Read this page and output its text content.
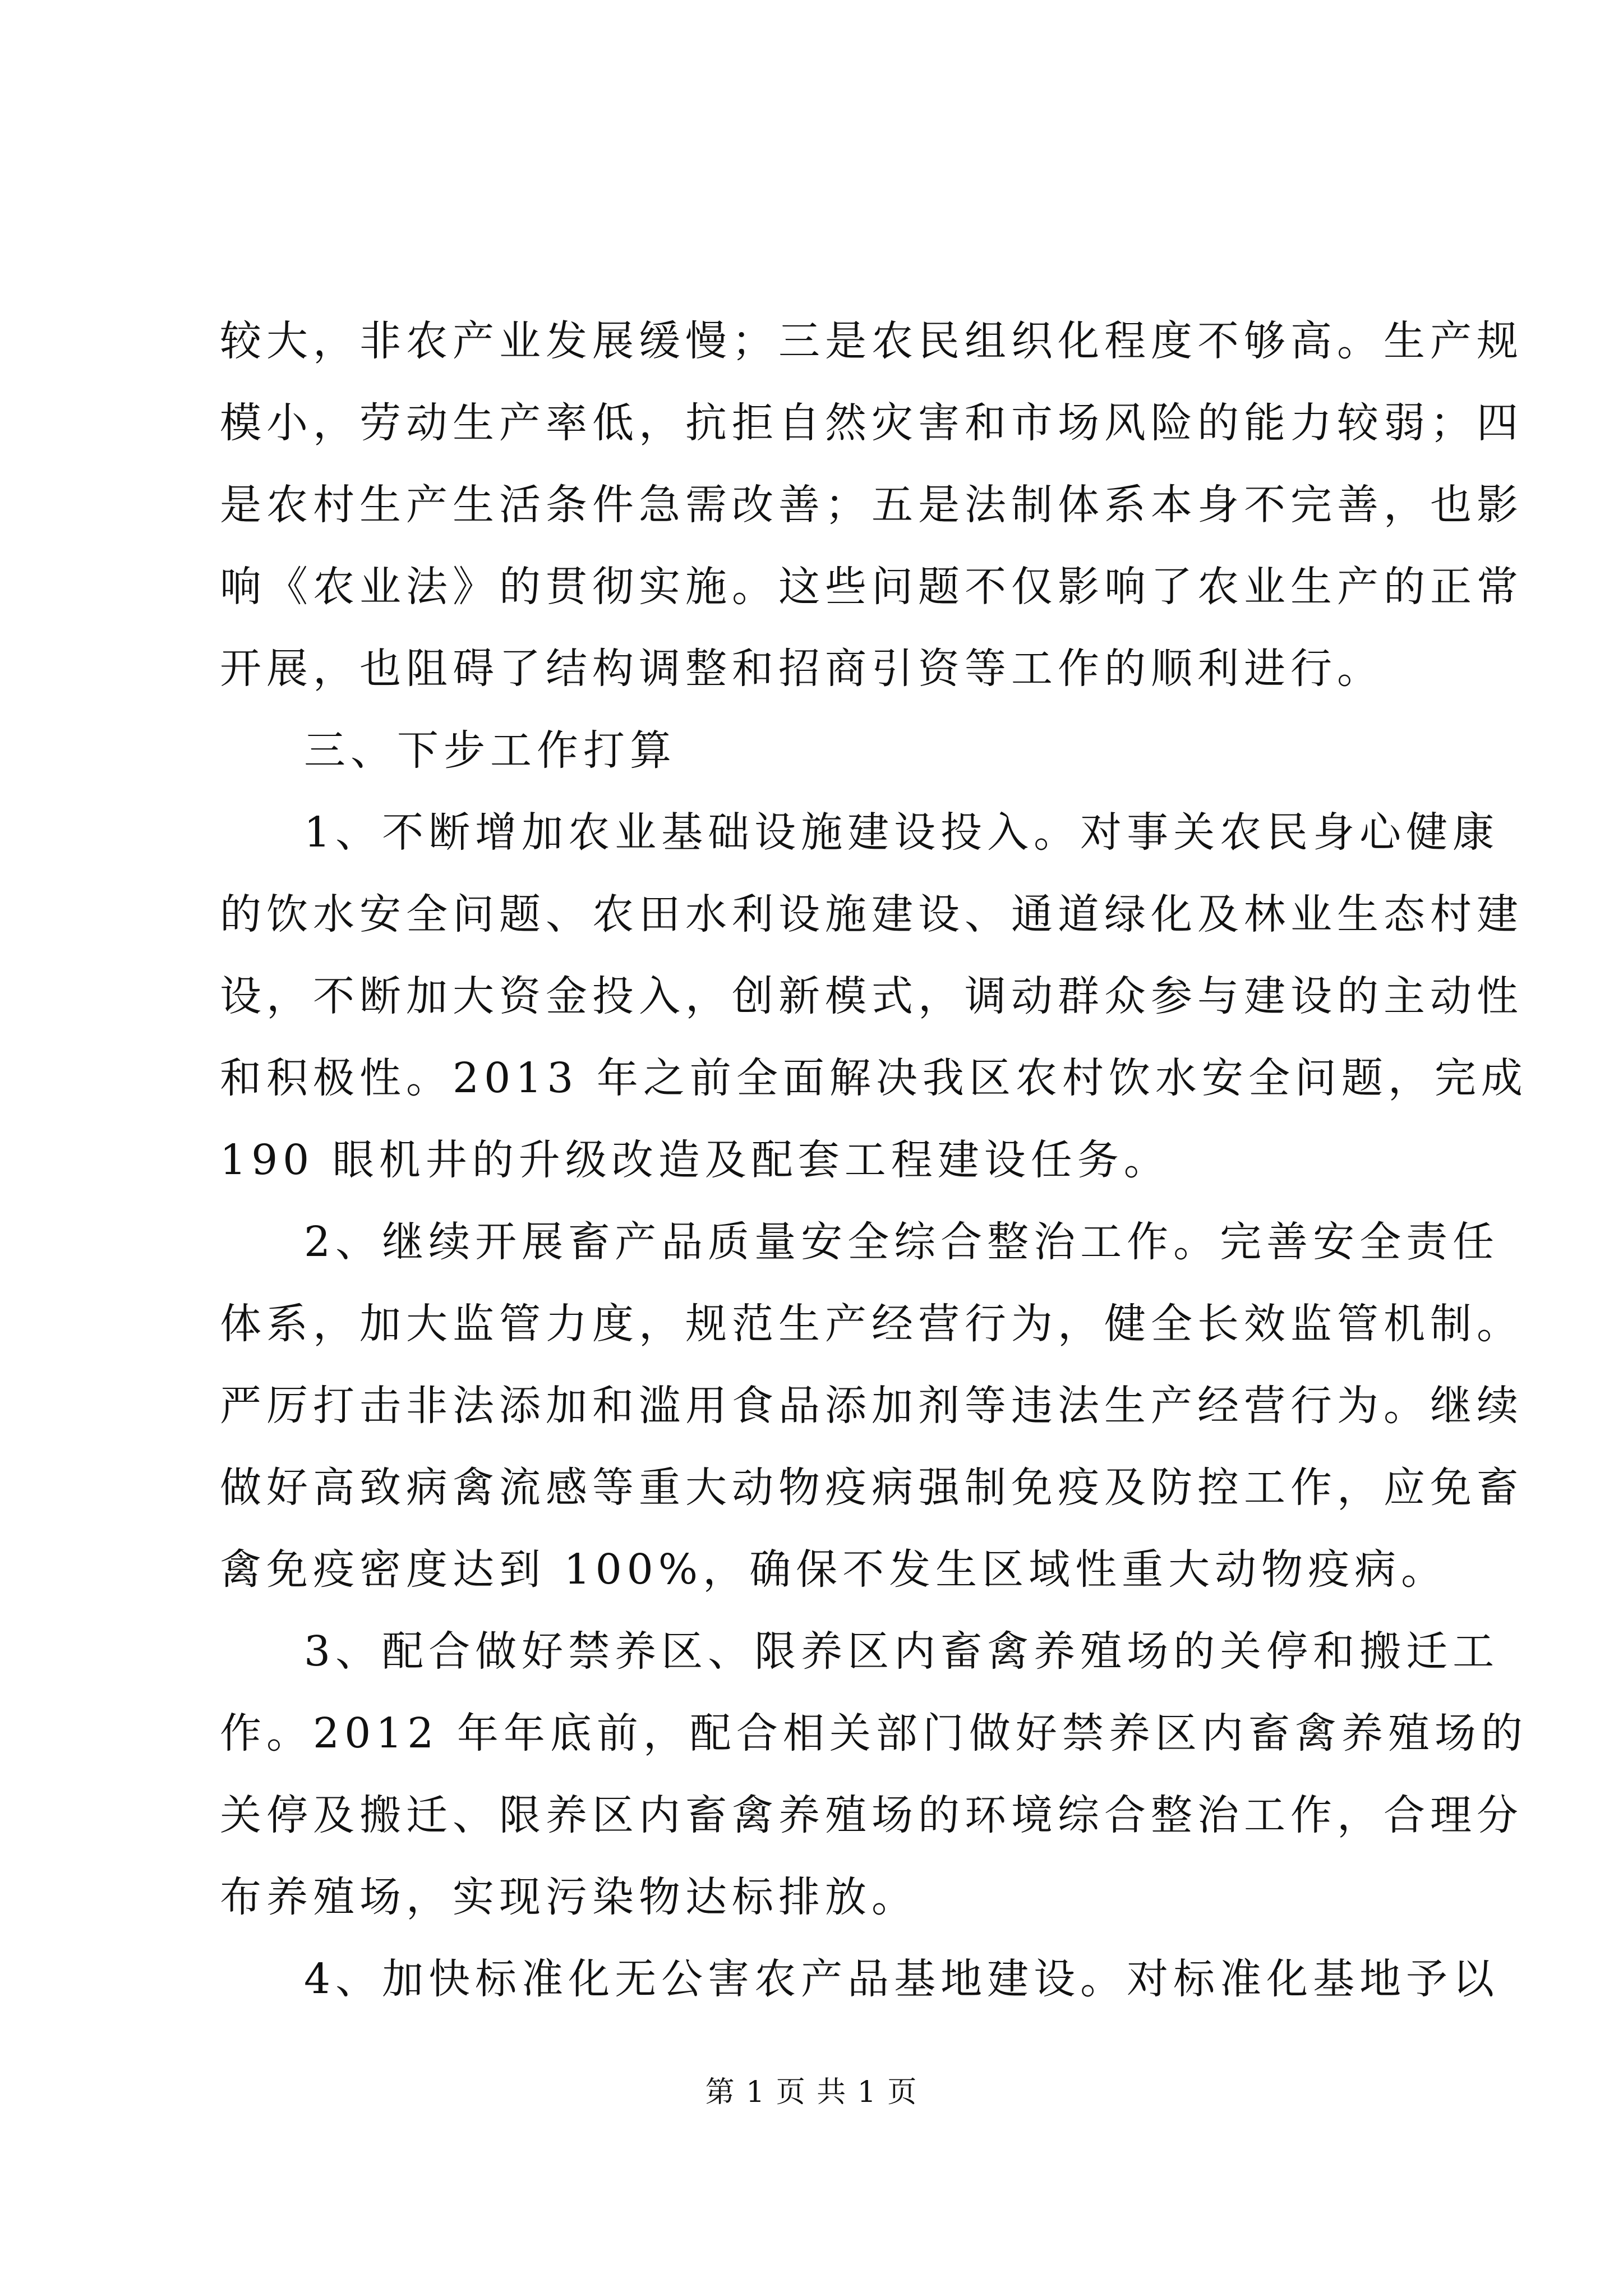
较大，非农产业发展缓慢；三是农民组织化程度不够高。生产规
模小，劳动生产率低，抗拒自然灾害和市场风险的能力较弱；四
是农村生产生活条件急需改善；五是法制体系本身不完善，也影
响《农业法》的贯彻实施。这些问题不仅影响了农业生产的正常
开展，也阻碍了结构调整和招商引资等工作的顺利进行。
三、下步工作打算
1、不断增加农业基础设施建设投入。对事关农民身心健康
的饮水安全问题、农田水利设施建设、通道绿化及林业生态村建
设，不断加大资金投入，创新模式，调动群众参与建设的主动性
和积极性。2013 年之前全面解决我区农村饮水安全问题，完成
190 眼机井的升级改造及配套工程建设任务。
2、继续开展畜产品质量安全综合整治工作。完善安全责任
体系，加大监管力度，规范生产经营行为，健全长效监管机制。
严厉打击非法添加和滥用食品添加剂等违法生产经营行为。继续
做好高致病禽流感等重大动物疫病强制免疫及防控工作，应免畜
禽免疫密度达到 100%，确保不发生区域性重大动物疫病。
3、配合做好禁养区、限养区内畜禽养殖场的关停和搬迁工
作。2012 年年底前，配合相关部门做好禁养区内畜禽养殖场的
关停及搬迁、限养区内畜禽养殖场的环境综合整治工作，合理分
布养殖场，实现污染物达标排放。
4、加快标准化无公害农产品基地建设。对标准化基地予以
第 1 页 共 1 页
